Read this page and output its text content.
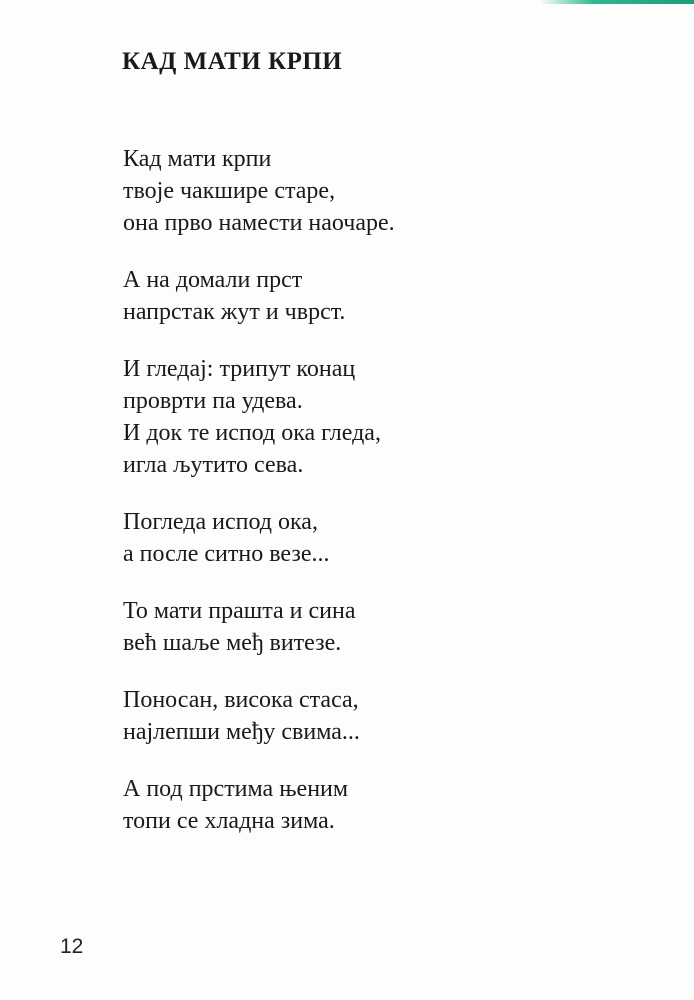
КАД МАТИ КРПИ
Кад мати крпи
твоје чакшире старе,
она прво намести наочаре.
А на домали прст
напрстак жут и чврст.
И гледај: трипут конац
проврти па удева.
И док те испод ока гледа,
игла љутито сева.
Погледа испод ока,
а после ситно везе...
То мати прашта и сина
већ шаље међ витезе.
Поносан, висока стаса,
најлепши међу свима...
А под прстима њеним
топи се хладна зима.
12
